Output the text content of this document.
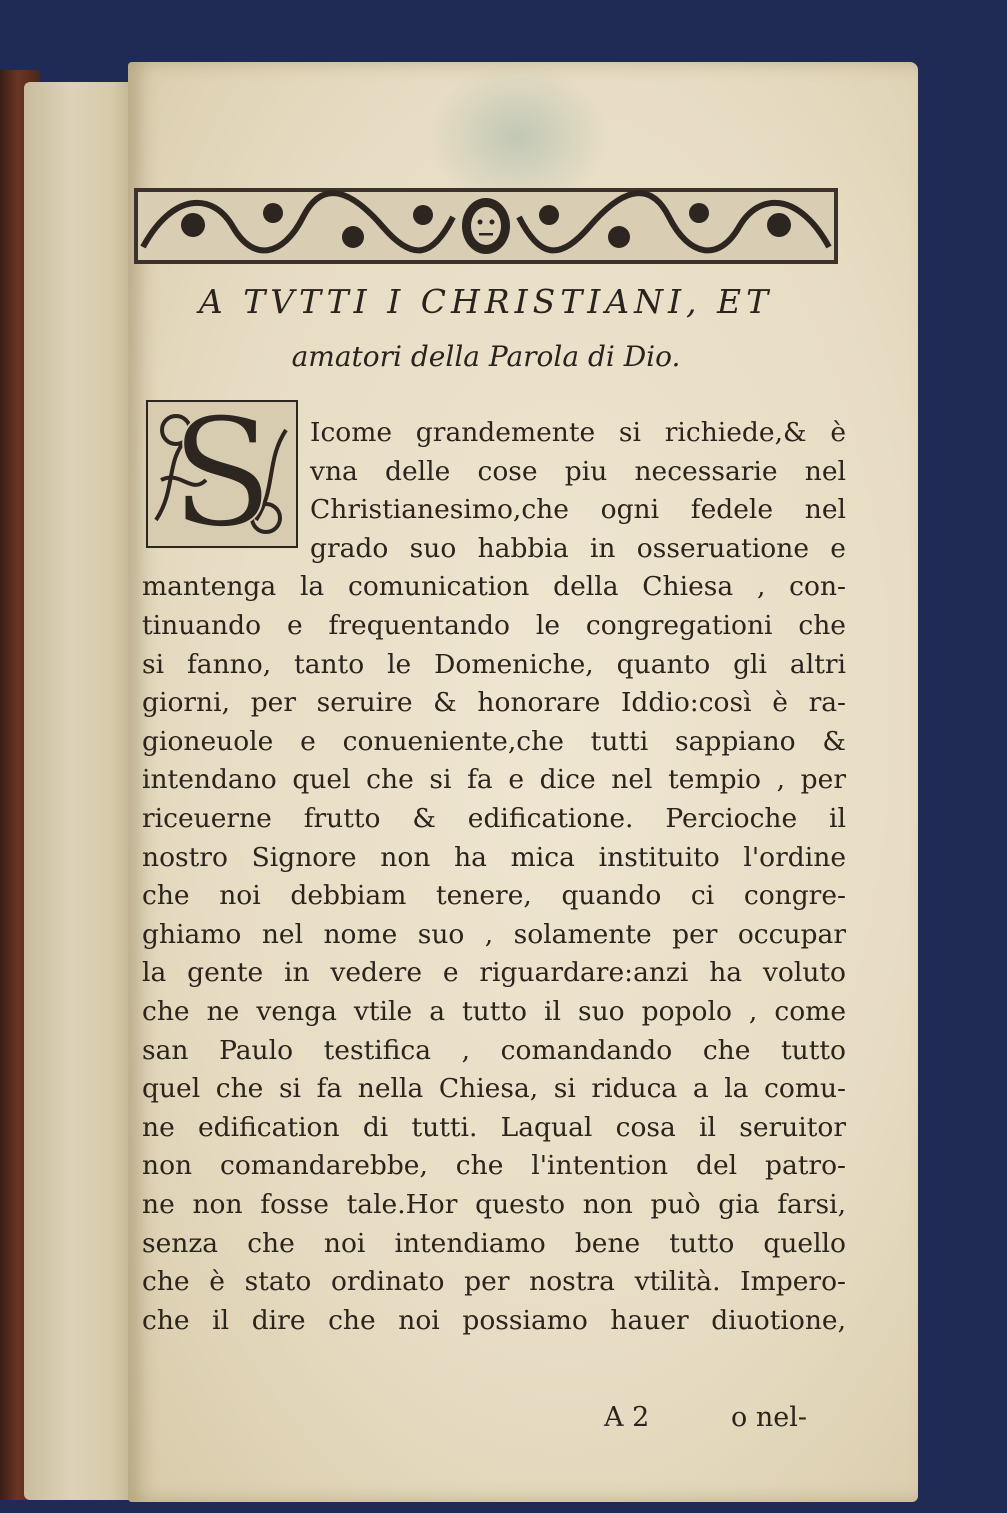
A TVTTI I CHRISTIANI, ET
amatori della Parola di Dio.
S Icome grandemente si richiede,& è
vna delle cose piu necessarie nel
Christianesimo,che ogni fedele nel
grado suo habbia in osseruatione e
mantenga la comunication della Chiesa , con-
tinuando e frequentando le congregationi che
si fanno, tanto le Domeniche, quanto gli altri
giorni, per seruire & honorare Iddio:così è ra-
gioneuole e conueniente,che tutti sappiano &
intendano quel che si fa e dice nel tempio , per
riceuerne frutto & edificatione. Percioche il
nostro Signore non ha mica instituito l'ordine
che noi debbiam tenere, quando ci congre-
ghiamo nel nome suo , solamente per occupar
la gente in vedere e riguardare:anzi ha voluto
che ne venga vtile a tutto il suo popolo , come
san Paulo testifica , comandando che tutto
quel che si fa nella Chiesa, si riduca a la comu-
ne edification di tutti. Laqual cosa il seruitor
non comandarebbe, che l'intention del patro-
ne non fosse tale.Hor questo non può gia farsi,
senza che noi intendiamo bene tutto quello
che è stato ordinato per nostra vtilità. Impero-
che il dire che noi possiamo hauer diuotione,
A 2	o nel-
